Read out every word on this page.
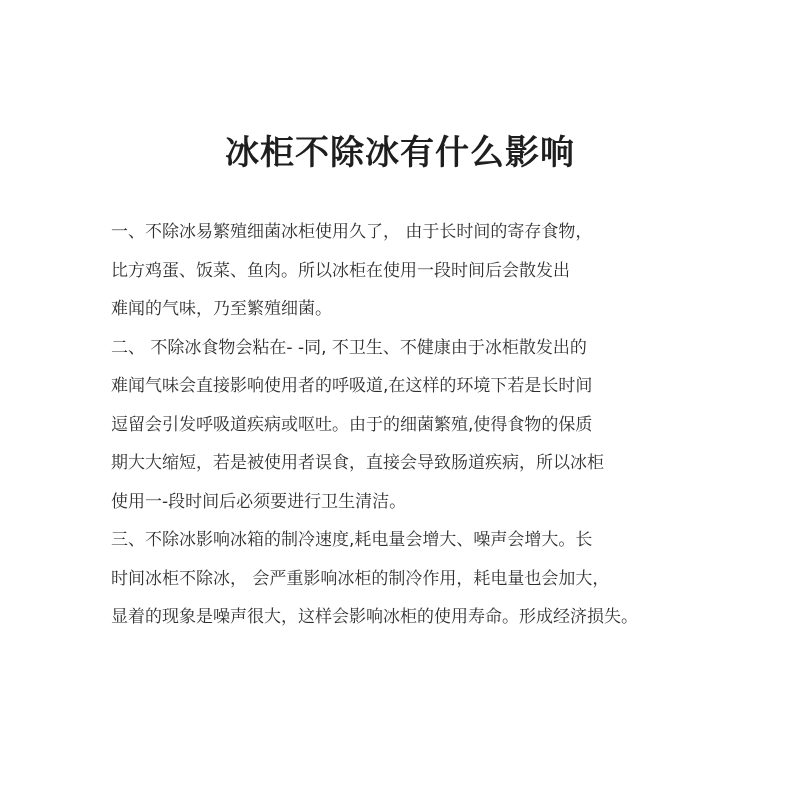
冰柜不除冰有什么影响
一、不除冰易繁殖细菌冰柜使用久了， 由于长时间的寄存食物，
比方鸡蛋、饭菜、鱼肉。所以冰柜在使用一段时间后会散发出
难闻的气味，乃至繁殖细菌。
二、 不除冰食物会粘在- -同, 不卫生、不健康由于冰柜散发出的
难闻气味会直接影响使用者的呼吸道,在这样的环境下若是长时间
逗留会引发呼吸道疾病或呕吐。由于的细菌繁殖,使得食物的保质
期大大缩短，若是被使用者误食，直接会导致肠道疾病，所以冰柜
使用一-段时间后必须要进行卫生清洁。
三、不除冰影响冰箱的制冷速度,耗电量会增大、噪声会增大。长
时间冰柜不除冰， 会严重影响冰柜的制冷作用，耗电量也会加大，
显着的现象是噪声很大，这样会影响冰柜的使用寿命。形成经济损失。
